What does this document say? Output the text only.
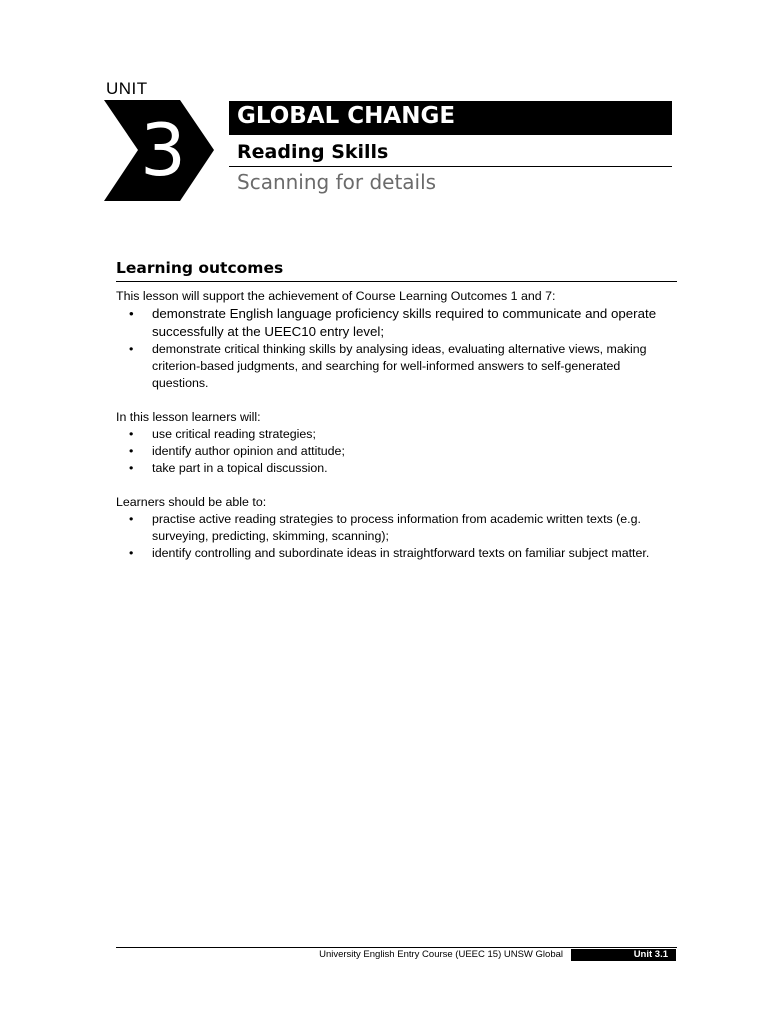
UNIT
3 GLOBAL CHANGE
Reading Skills
Scanning for details
Learning outcomes

This lesson will support the achievement of Course Learning Outcomes 1 and 7:

• demonstrate English language proficiency skills required to communicate and operate successfully at the UEEC10 entry level;
• demonstrate critical thinking skills by analysing ideas, evaluating alternative views, making criterion-based judgments, and searching for well-informed answers to self-generated questions.

In this lesson learners will:

• use critical reading strategies;
• identify author opinion and attitude;
• take part in a topical discussion.

Learners should be able to:

• practise active reading strategies to process information from academic written texts (e.g. surveying, predicting, skimming, scanning);
• identify controlling and subordinate ideas in straightforward texts on familiar subject matter.
University English Entry Course (UEEC 15) UNSW Global	Unit 3.1
